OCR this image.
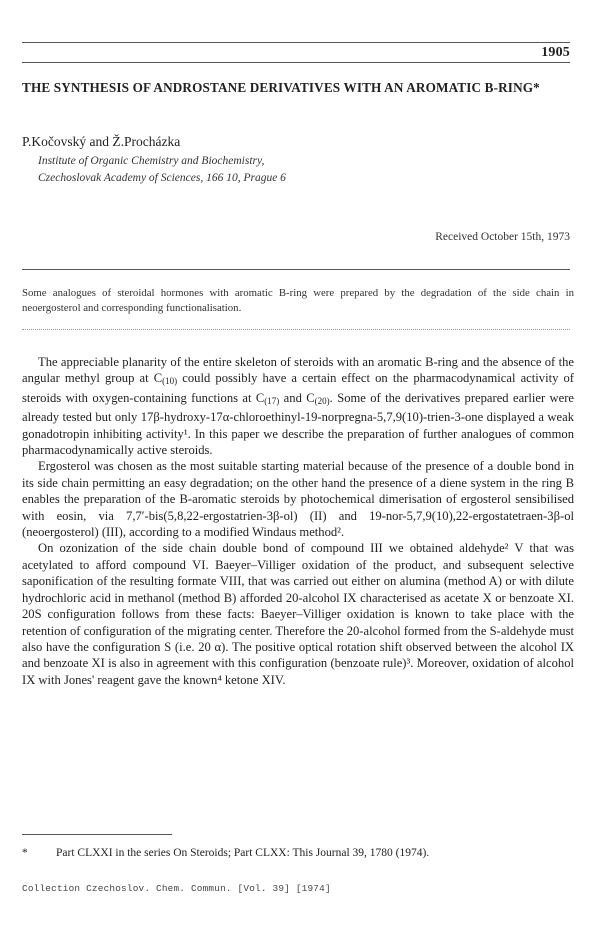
1905
THE SYNTHESIS OF ANDROSTANE DERIVATIVES WITH AN AROMATIC B-RING*
P.Kočovský and Ž.Procházka
Institute of Organic Chemistry and Biochemistry,
Czechoslovak Academy of Sciences, 166 10, Prague 6
Received October 15th, 1973
Some analogues of steroidal hormones with aromatic B-ring were prepared by the degradation of the side chain in neoergosterol and corresponding functionalisation.

The appreciable planarity of the entire skeleton of steroids with an aromatic B-ring and the absence of the angular methyl group at $C_{(10)}$ could possibly have a certain effect on the pharmacodynamical activity of steroids with oxygen-containing functions at $C_{(17)}$ and $C_{(20)}$. Some of the derivatives prepared earlier were already tested but only 17β-hydroxy-17α-chloroethinyl-19-norpregna-5,7,9(10)-trien-3-one displayed a weak gonadotropin inhibiting activity¹. In this paper we describe the preparation of further analogues of common pharmacodynamically active steroids.

Ergosterol was chosen as the most suitable starting material because of the presence of a double bond in its side chain permitting an easy degradation; on the other hand the presence of a diene system in the ring B enables the preparation of the B-aromatic steroids by photochemical dimerisation of ergosterol sensibilised with eosin, via 7,7′-bis(5,8,22-ergostatrien-3β-ol) (II) and 19-nor-5,7,9(10),22-ergostatetraen-3β-ol (neoergosterol) (III), according to a modified Windaus method².

On ozonization of the side chain double bond of compound III we obtained aldehyde² V that was acetylated to afford compound VI. Baeyer–Villiger oxidation of the product, and subsequent selective saponification of the resulting formate VIII, that was carried out either on alumina (method A) or with dilute hydrochloric acid in methanol (method B) afforded 20-alcohol IX characterised as acetate X or benzoate XI. 20S configuration follows from these facts: Baeyer–Villiger oxidation is known to take place with the retention of configuration of the migrating center. Therefore the 20-alcohol formed from the S-aldehyde must also have the configuration S (i.e. 20 α). The positive optical rotation shift observed between the alcohol IX and benzoate XI is also in agreement with this configuration (benzoate rule)³. Moreover, oxidation of alcohol IX with Jones' reagent gave the known⁴ ketone XIV.

* Part CLXXI in the series On Steroids; Part CLXX: This Journal 39, 1780 (1974).
Collection Czechoslov. Chem. Commun. [Vol. 39] [1974]
